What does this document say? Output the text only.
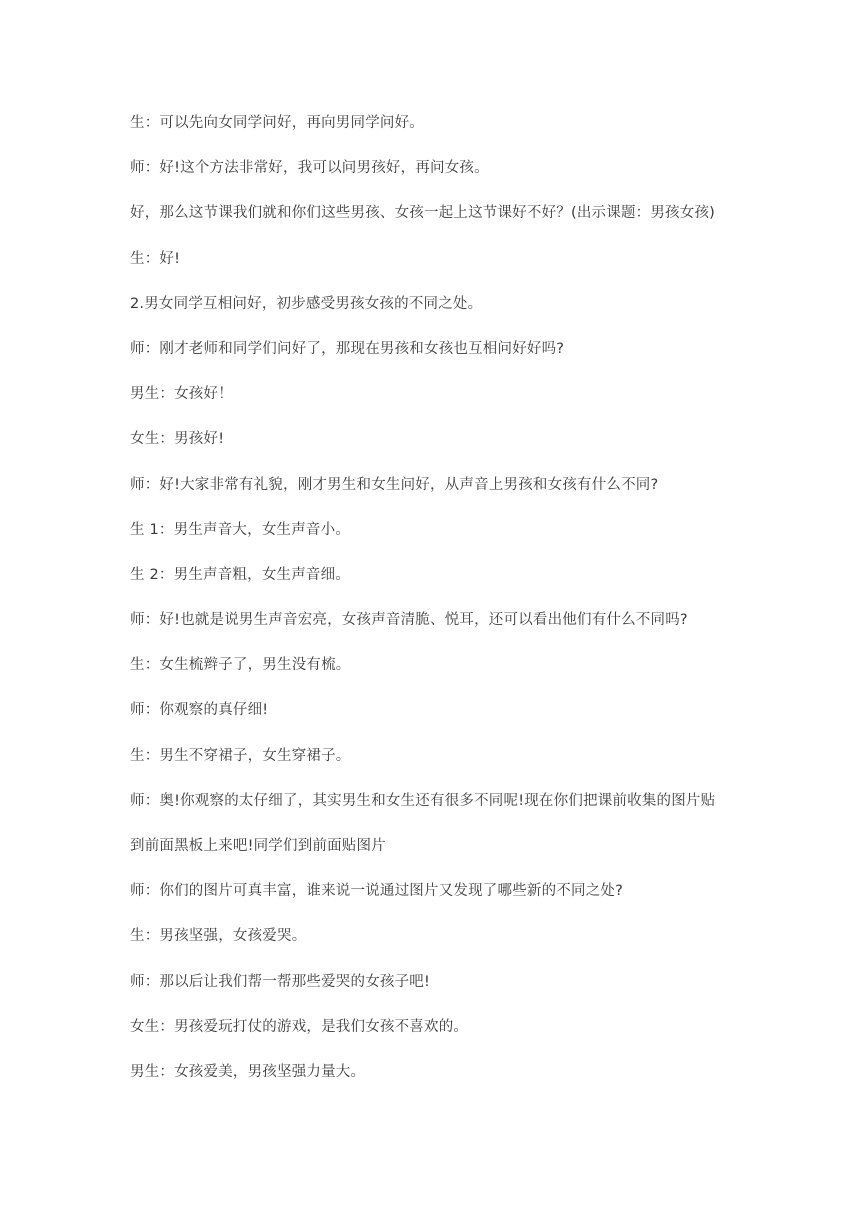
生：可以先向女同学问好，再向男同学问好。

师：好!这个方法非常好，我可以问男孩好，再问女孩。

好，那么这节课我们就和你们这些男孩、女孩一起上这节课好不好？(出示课题：男孩女孩)

生：好!

2.男女同学互相问好，初步感受男孩女孩的不同之处。

师：刚才老师和同学们问好了，那现在男孩和女孩也互相问好好吗?

男生：女孩好！

女生：男孩好!

师：好!大家非常有礼貌，刚才男生和女生问好，从声音上男孩和女孩有什么不同?

生 1：男生声音大，女生声音小。

生 2：男生声音粗，女生声音细。

师：好!也就是说男生声音宏亮，女孩声音清脆、悦耳，还可以看出他们有什么不同吗?

生：女生梳辫子了，男生没有梳。

师：你观察的真仔细!

生：男生不穿裙子，女生穿裙子。

师：奥!你观察的太仔细了，其实男生和女生还有很多不同呢!现在你们把课前收集的图片贴

到前面黑板上来吧!同学们到前面贴图片

师：你们的图片可真丰富，谁来说一说通过图片又发现了哪些新的不同之处?

生：男孩坚强，女孩爱哭。

师：那以后让我们帮一帮那些爱哭的女孩子吧!

女生：男孩爱玩打仗的游戏，是我们女孩不喜欢的。

男生：女孩爱美，男孩坚强力量大。
